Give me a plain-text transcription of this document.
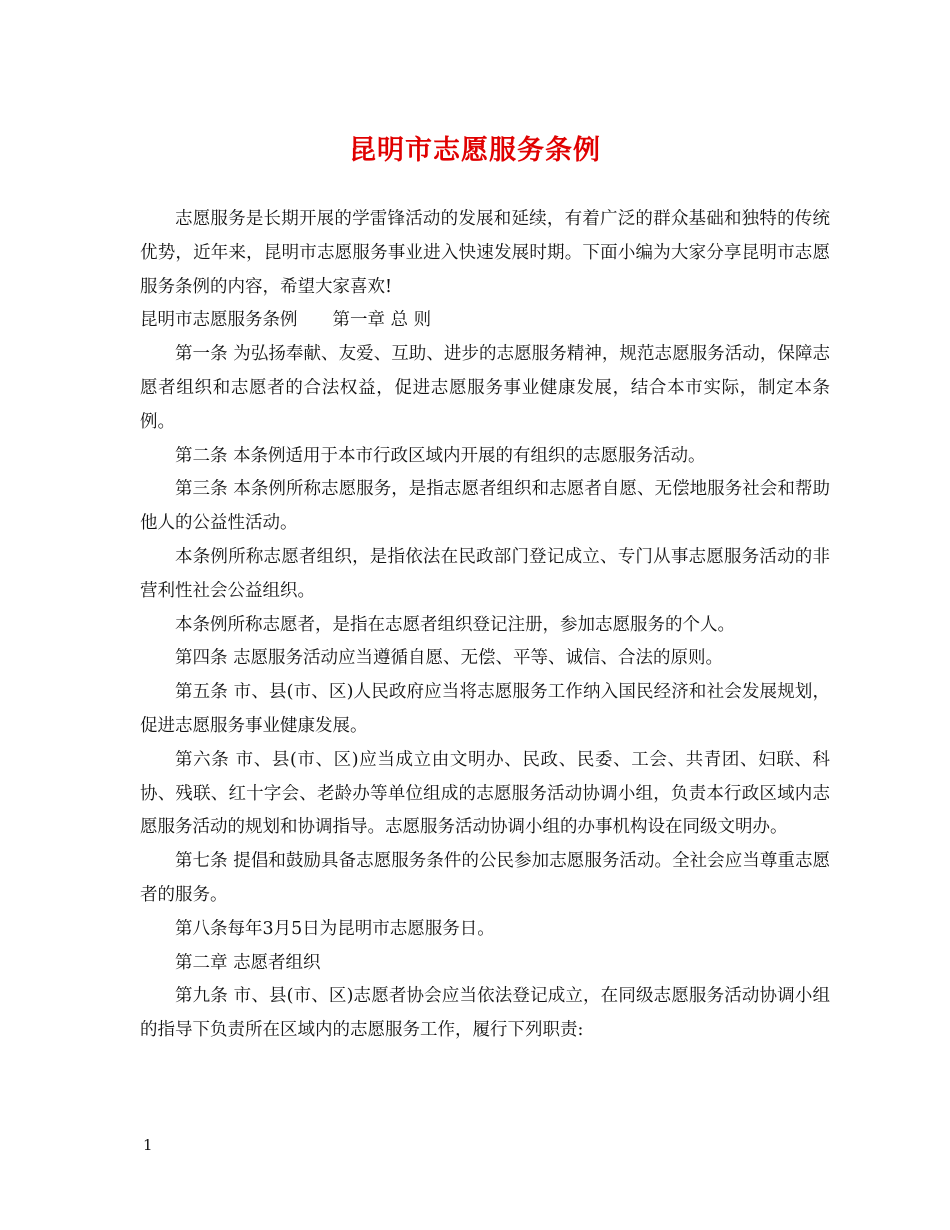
昆明市志愿服务条例

志愿服务是长期开展的学雷锋活动的发展和延续，有着广泛的群众基础和独特的传统优势，近年来，昆明市志愿服务事业进入快速发展时期。下面小编为大家分享昆明市志愿服务条例的内容，希望大家喜欢!

昆明市志愿服务条例　　第一章 总 则

第一条 为弘扬奉献、友爱、互助、进步的志愿服务精神，规范志愿服务活动，保障志愿者组织和志愿者的合法权益，促进志愿服务事业健康发展，结合本市实际，制定本条例。

第二条 本条例适用于本市行政区域内开展的有组织的志愿服务活动。

第三条 本条例所称志愿服务，是指志愿者组织和志愿者自愿、无偿地服务社会和帮助他人的公益性活动。

本条例所称志愿者组织，是指依法在民政部门登记成立、专门从事志愿服务活动的非营利性社会公益组织。

本条例所称志愿者，是指在志愿者组织登记注册，参加志愿服务的个人。

第四条 志愿服务活动应当遵循自愿、无偿、平等、诚信、合法的原则。

第五条 市、县(市、区)人民政府应当将志愿服务工作纳入国民经济和社会发展规划，促进志愿服务事业健康发展。

第六条 市、县(市、区)应当成立由文明办、民政、民委、工会、共青团、妇联、科协、残联、红十字会、老龄办等单位组成的志愿服务活动协调小组，负责本行政区域内志愿服务活动的规划和协调指导。志愿服务活动协调小组的办事机构设在同级文明办。

第七条 提倡和鼓励具备志愿服务条件的公民参加志愿服务活动。全社会应当尊重志愿者的服务。

第八条每年3月5日为昆明市志愿服务日。

第二章 志愿者组织

第九条 市、县(市、区)志愿者协会应当依法登记成立，在同级志愿服务活动协调小组的指导下负责所在区域内的志愿服务工作，履行下列职责:

1
